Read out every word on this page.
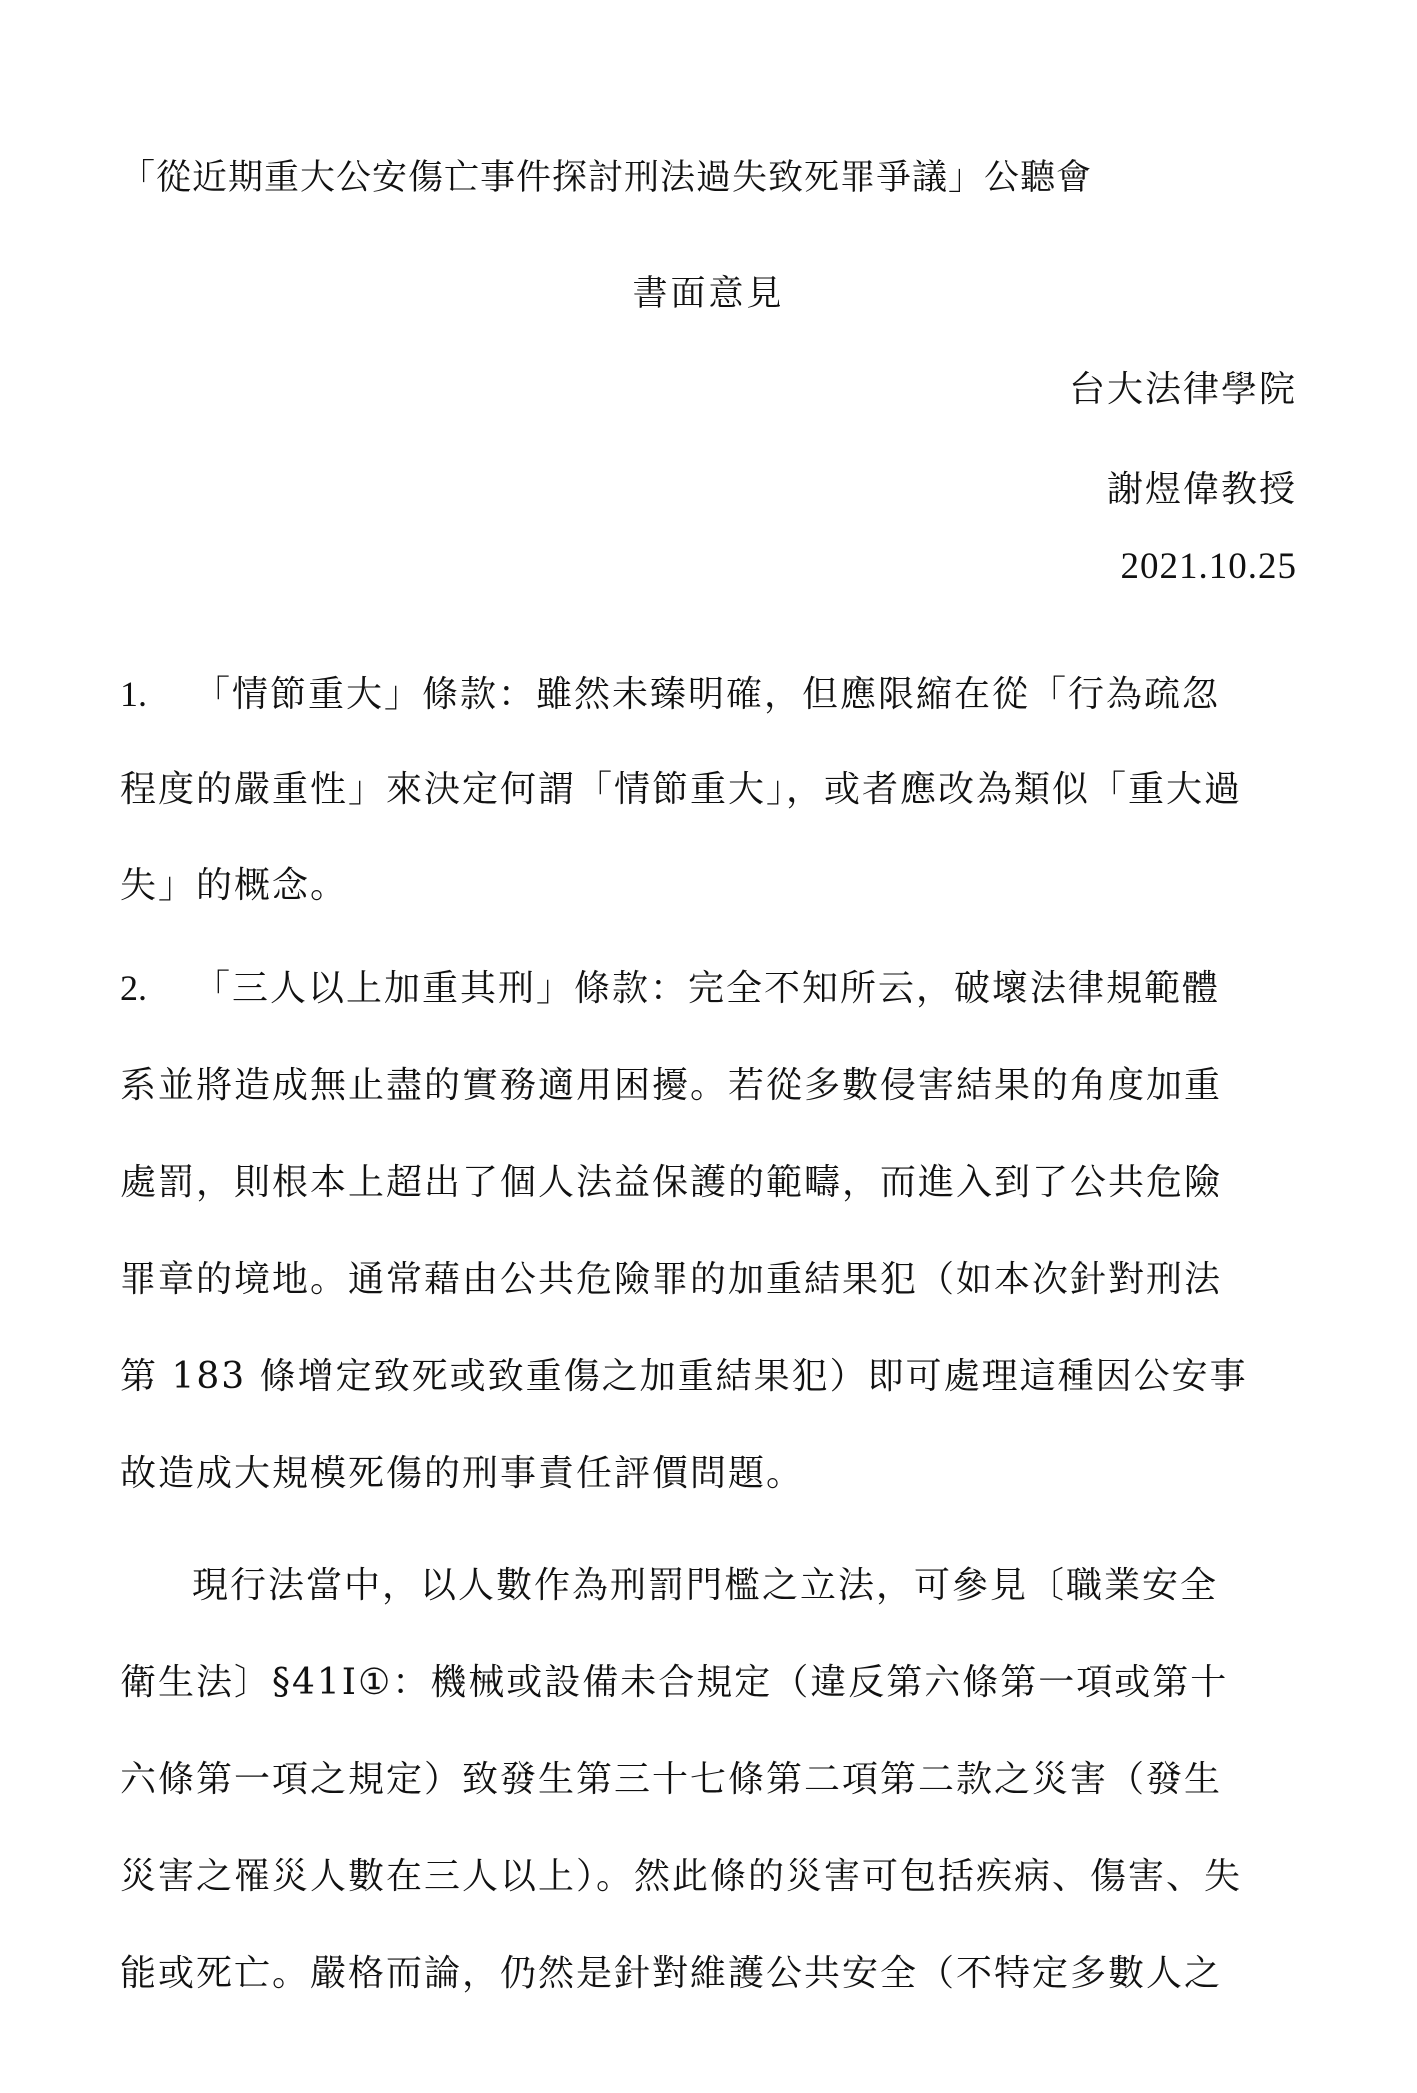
「從近期重大公安傷亡事件探討刑法過失致死罪爭議」公聽會
書面意見
台大法律學院
謝煜偉教授
2021.10.25
1. 「情節重大」條款：雖然未臻明確，但應限縮在從「行為疏忽
程度的嚴重性」來決定何謂「情節重大」，或者應改為類似「重大過
失」的概念。
2. 「三人以上加重其刑」條款：完全不知所云，破壞法律規範體
系並將造成無止盡的實務適用困擾。若從多數侵害結果的角度加重
處罰，則根本上超出了個人法益保護的範疇，而進入到了公共危險
罪章的境地。通常藉由公共危險罪的加重結果犯（如本次針對刑法
第 183 條增定致死或致重傷之加重結果犯）即可處理這種因公安事
故造成大規模死傷的刑事責任評價問題。
現行法當中，以人數作為刑罰門檻之立法，可參見〔職業安全
衛生法〕§41I①：機械或設備未合規定（違反第六條第一項或第十
六條第一項之規定）致發生第三十七條第二項第二款之災害（發生
災害之罹災人數在三人以上）。然此條的災害可包括疾病、傷害、失
能或死亡。嚴格而論，仍然是針對維護公共安全（不特定多數人之
